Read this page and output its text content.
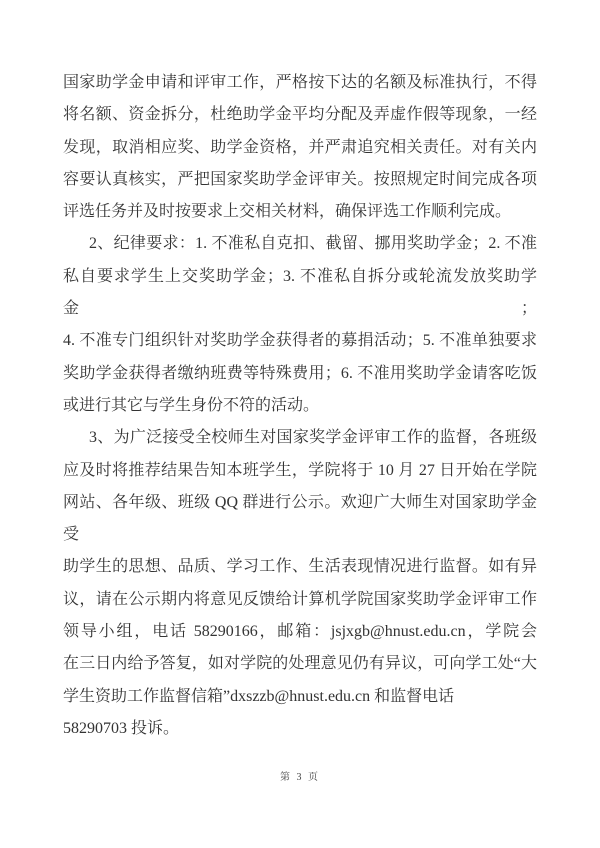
国家助学金申请和评审工作，严格按下达的名额及标准执行，不得
将名额、资金拆分，杜绝助学金平均分配及弄虚作假等现象，一经
发现，取消相应奖、助学金资格，并严肃追究相关责任。对有关内
容要认真核实，严把国家奖助学金评审关。按照规定时间完成各项
评选任务并及时按要求上交相关材料，确保评选工作顺利完成。
2、纪律要求：1. 不准私自克扣、截留、挪用奖助学金；2. 不准
私自要求学生上交奖助学金；3. 不准私自拆分或轮流发放奖助学金；
4. 不准专门组织针对奖助学金获得者的募捐活动；5. 不准单独要求
奖助学金获得者缴纳班费等特殊费用；6. 不准用奖助学金请客吃饭
或进行其它与学生身份不符的活动。
3、为广泛接受全校师生对国家奖学金评审工作的监督，各班级
应及时将推荐结果告知本班学生，学院将于 10 月 27 日开始在学院
网站、各年级、班级 QQ 群进行公示。欢迎广大师生对国家助学金受
助学生的思想、品质、学习工作、生活表现情况进行监督。如有异
议，请在公示期内将意见反馈给计算机学院国家奖助学金评审工作
领导小组，电话 58290166，邮箱：jsjxgb@hnust.edu.cn，学院会
在三日内给予答复，如对学院的处理意见仍有异议，可向学工处“大
学生资助工作监督信箱”dxszzb@hnust.edu.cn 和监督电话
58290703 投诉。
第 3 页
